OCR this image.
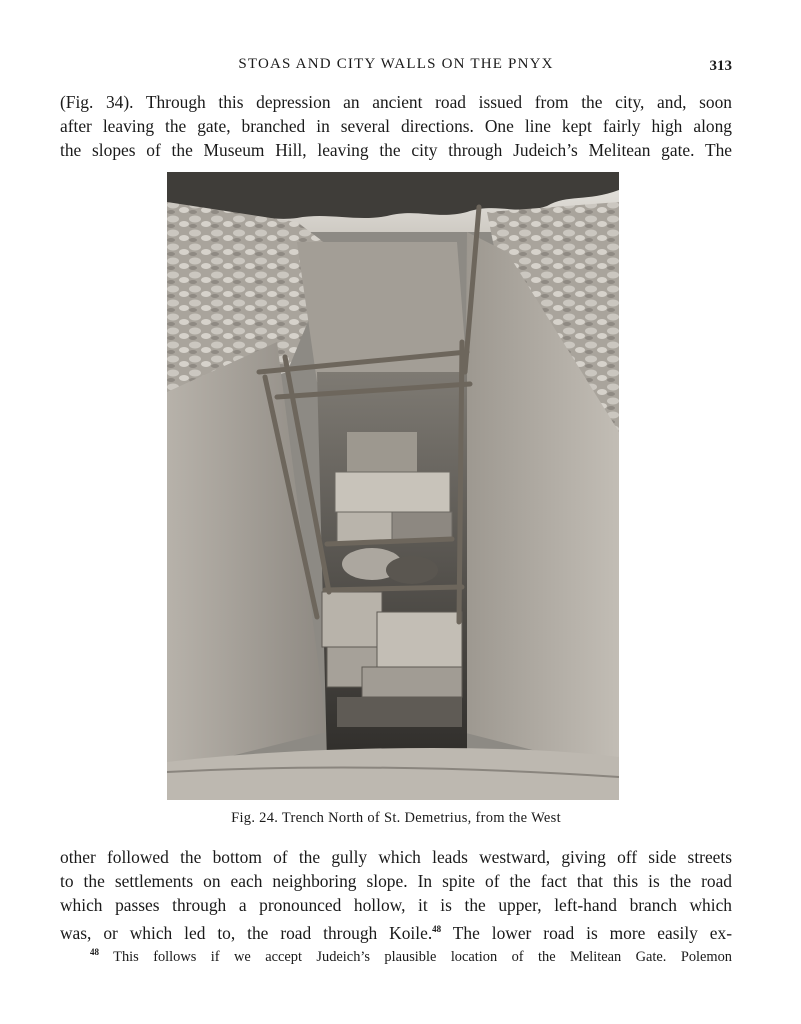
STOAS AND CITY WALLS ON THE PNYX	313
(Fig. 34). Through this depression an ancient road issued from the city, and, soon
after leaving the gate, branched in several directions. One line kept fairly high along
the slopes of the Museum Hill, leaving the city through Judeich’s Melitean gate. The
Fig. 24. Trench North of St. Demetrius, from the West
other followed the bottom of the gully which leads westward, giving off side streets
to the settlements on each neighboring slope. In spite of the fact that this is the road
which passes through a pronounced hollow, it is the upper, left-hand branch which
was, or which led to, the road through Koile.$^{48}$ The lower road is more easily ex-
$^{48}$ This follows if we accept Judeich’s plausible location of the Melitean Gate. Polemon
